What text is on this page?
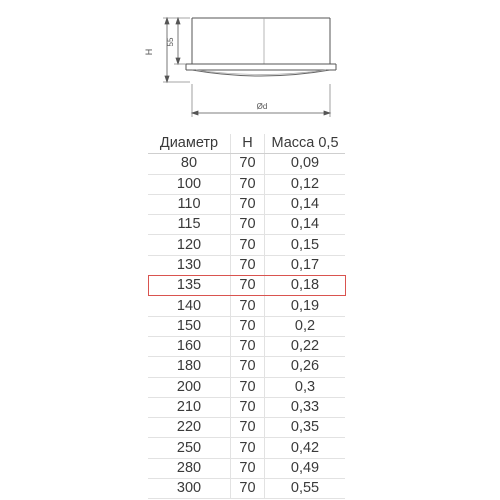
H
55
Ød
Диаметр	H	Масса 0,5
80	70	0,09
100	70	0,12
110	70	0,14
115	70	0,14
120	70	0,15
130	70	0,17
135	70	0,18
140	70	0,19
150	70	0,2
160	70	0,22
180	70	0,26
200	70	0,3
210	70	0,33
220	70	0,35
250	70	0,42
280	70	0,49
300	70	0,55
